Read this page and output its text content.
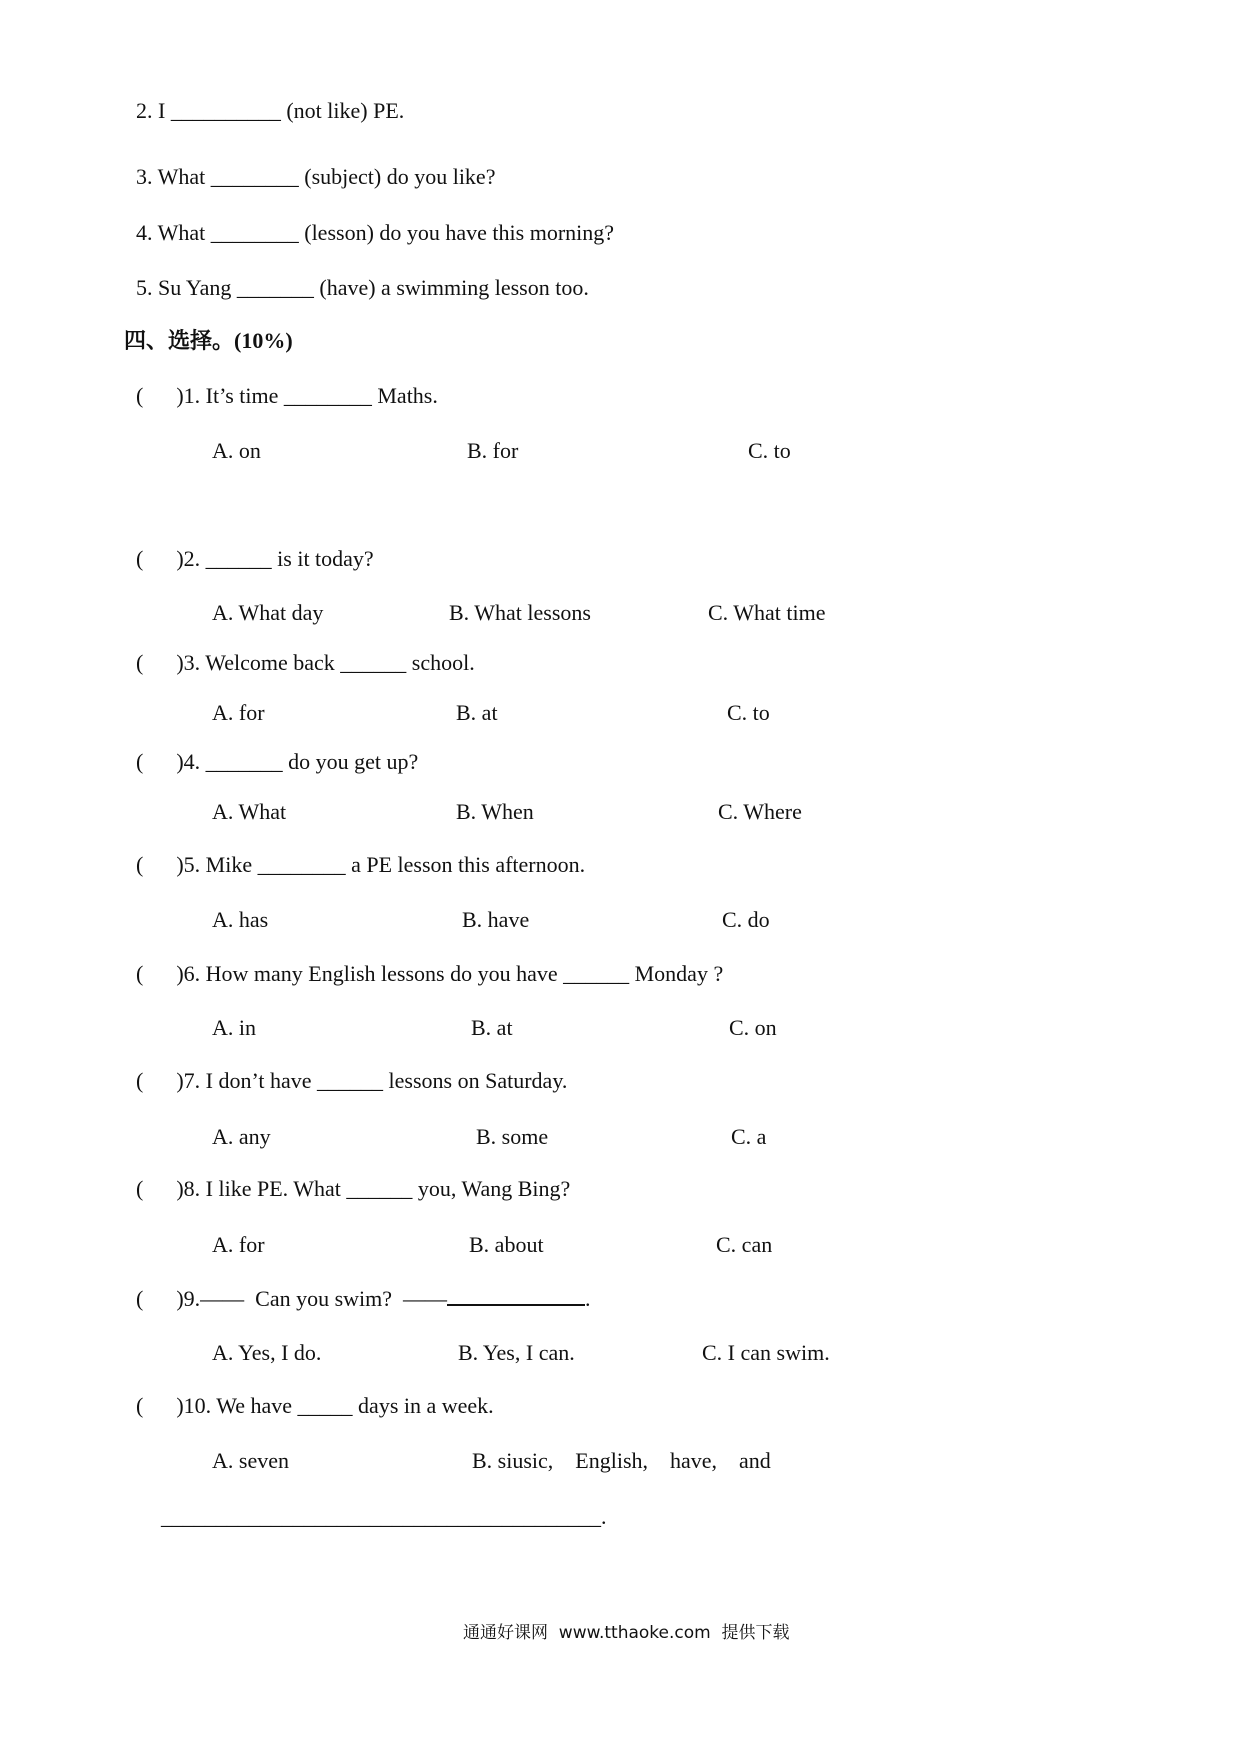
2. I __________ (not like) PE.
3. What ________ (subject) do you like?
4. What ________ (lesson) do you have this morning?
5. Su Yang _______ (have) a swimming lesson too.
四、选择。(10%)
(      )1. It’s time ________ Maths.
A. on	B. for	C. to
(      )2. ______ is it today?
A. What day	B. What lessons	C. What time
(      )3. Welcome back ______ school.
A. for	B. at	C. to
(      )4. _______ do you get up?
A. What	B. When	C. Where
(      )5. Mike ________ a PE lesson this afternoon.
A. has	B. have	C. do
(      )6. How many English lessons do you have ______ Monday ?
A. in	B. at	C. on
(      )7. I don’t have ______ lessons on Saturday.
A. any	B. some	C. a
(      )8. I like PE. What ______ you, Wang Bing?
A. for	B. about	C. can
(      )9.——  Can you swim?  ——	.
A. Yes, I do.	B. Yes, I can.	C. I can swim.
(      )10. We have _____ days in a week.
A. seven	B. siusic,    English,    have,    and
________________________________________.
通通好课网  www.tthaoke.com  提供下载
